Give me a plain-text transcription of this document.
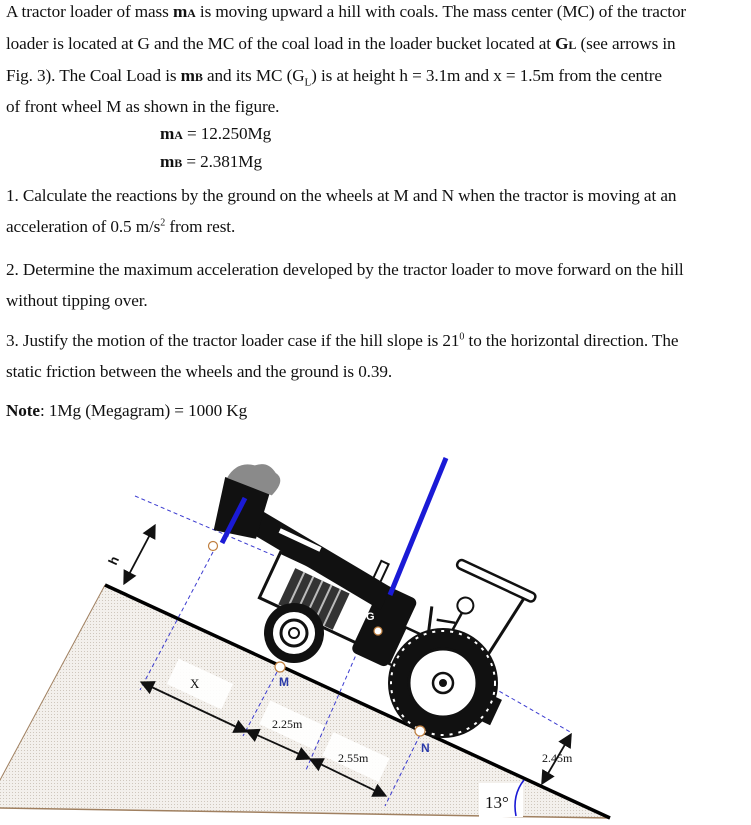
A tractor loader of mass mA is moving upward a hill with coals. The mass center (MC) of the tractor
loader is located at G and the MC of the coal load in the loader bucket located at GL (see arrows in
Fig. 3). The Coal Load is mB and its MC $(G_L)$ is at height h = 3.1m and x = 1.5m from the centre
of front wheel M as shown in the figure.
mA = 12.250Mg
mB = 2.381Mg
1. Calculate the reactions by the ground on the wheels at M and N when the tractor is moving at an
acceleration of 0.5 $m/s^2$ from rest.
2. Determine the maximum acceleration developed by the tractor loader to move forward on the hill
without tipping over.
3. Justify the motion of the tractor loader case if the hill slope is $21^0$ to the horizontal direction. The
static friction between the wheels and the ground is 0.39.
Note: 1Mg (Megagram) = 1000 Kg
13°
h
X
2.25m
2.55m	2.45m
GL
G
M
N
